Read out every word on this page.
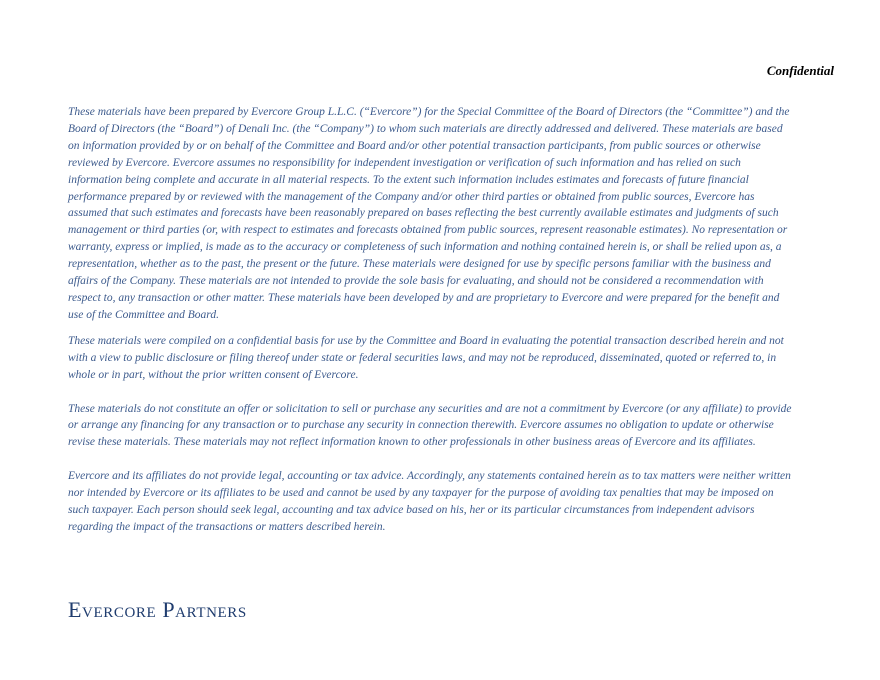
Confidential

These materials have been prepared by Evercore Group L.L.C. (“Evercore”) for the Special Committee of the Board of Directors (the “Committee”) and the Board of Directors (the “Board”) of Denali Inc. (the “Company”) to whom such materials are directly addressed and delivered. These materials are based on information provided by or on behalf of the Committee and Board and/or other potential transaction participants, from public sources or otherwise reviewed by Evercore. Evercore assumes no responsibility for independent investigation or verification of such information and has relied on such information being complete and accurate in all material respects. To the extent such information includes estimates and forecasts of future financial performance prepared by or reviewed with the management of the Company and/or other third parties or obtained from public sources, Evercore has assumed that such estimates and forecasts have been reasonably prepared on bases reflecting the best currently available estimates and judgments of such management or third parties (or, with respect to estimates and forecasts obtained from public sources, represent reasonable estimates). No representation or warranty, express or implied, is made as to the accuracy or completeness of such information and nothing contained herein is, or shall be relied upon as, a representation, whether as to the past, the present or the future. These materials were designed for use by specific persons familiar with the business and affairs of the Company. These materials are not intended to provide the sole basis for evaluating, and should not be considered a recommendation with respect to, any transaction or other matter. These materials have been developed by and are proprietary to Evercore and were prepared for the benefit and use of the Committee and Board.

These materials were compiled on a confidential basis for use by the Committee and Board in evaluating the potential transaction described herein and not with a view to public disclosure or filing thereof under state or federal securities laws, and may not be reproduced, disseminated, quoted or referred to, in whole or in part, without the prior written consent of Evercore.

These materials do not constitute an offer or solicitation to sell or purchase any securities and are not a commitment by Evercore (or any affiliate) to provide or arrange any financing for any transaction or to purchase any security in connection therewith. Evercore assumes no obligation to update or otherwise revise these materials. These materials may not reflect information known to other professionals in other business areas of Evercore and its affiliates.

Evercore and its affiliates do not provide legal, accounting or tax advice. Accordingly, any statements contained herein as to tax matters were neither written nor intended by Evercore or its affiliates to be used and cannot be used by any taxpayer for the purpose of avoiding tax penalties that may be imposed on such taxpayer. Each person should seek legal, accounting and tax advice based on his, her or its particular circumstances from independent advisors regarding the impact of the transactions or matters described herein.

Evercore Partners
